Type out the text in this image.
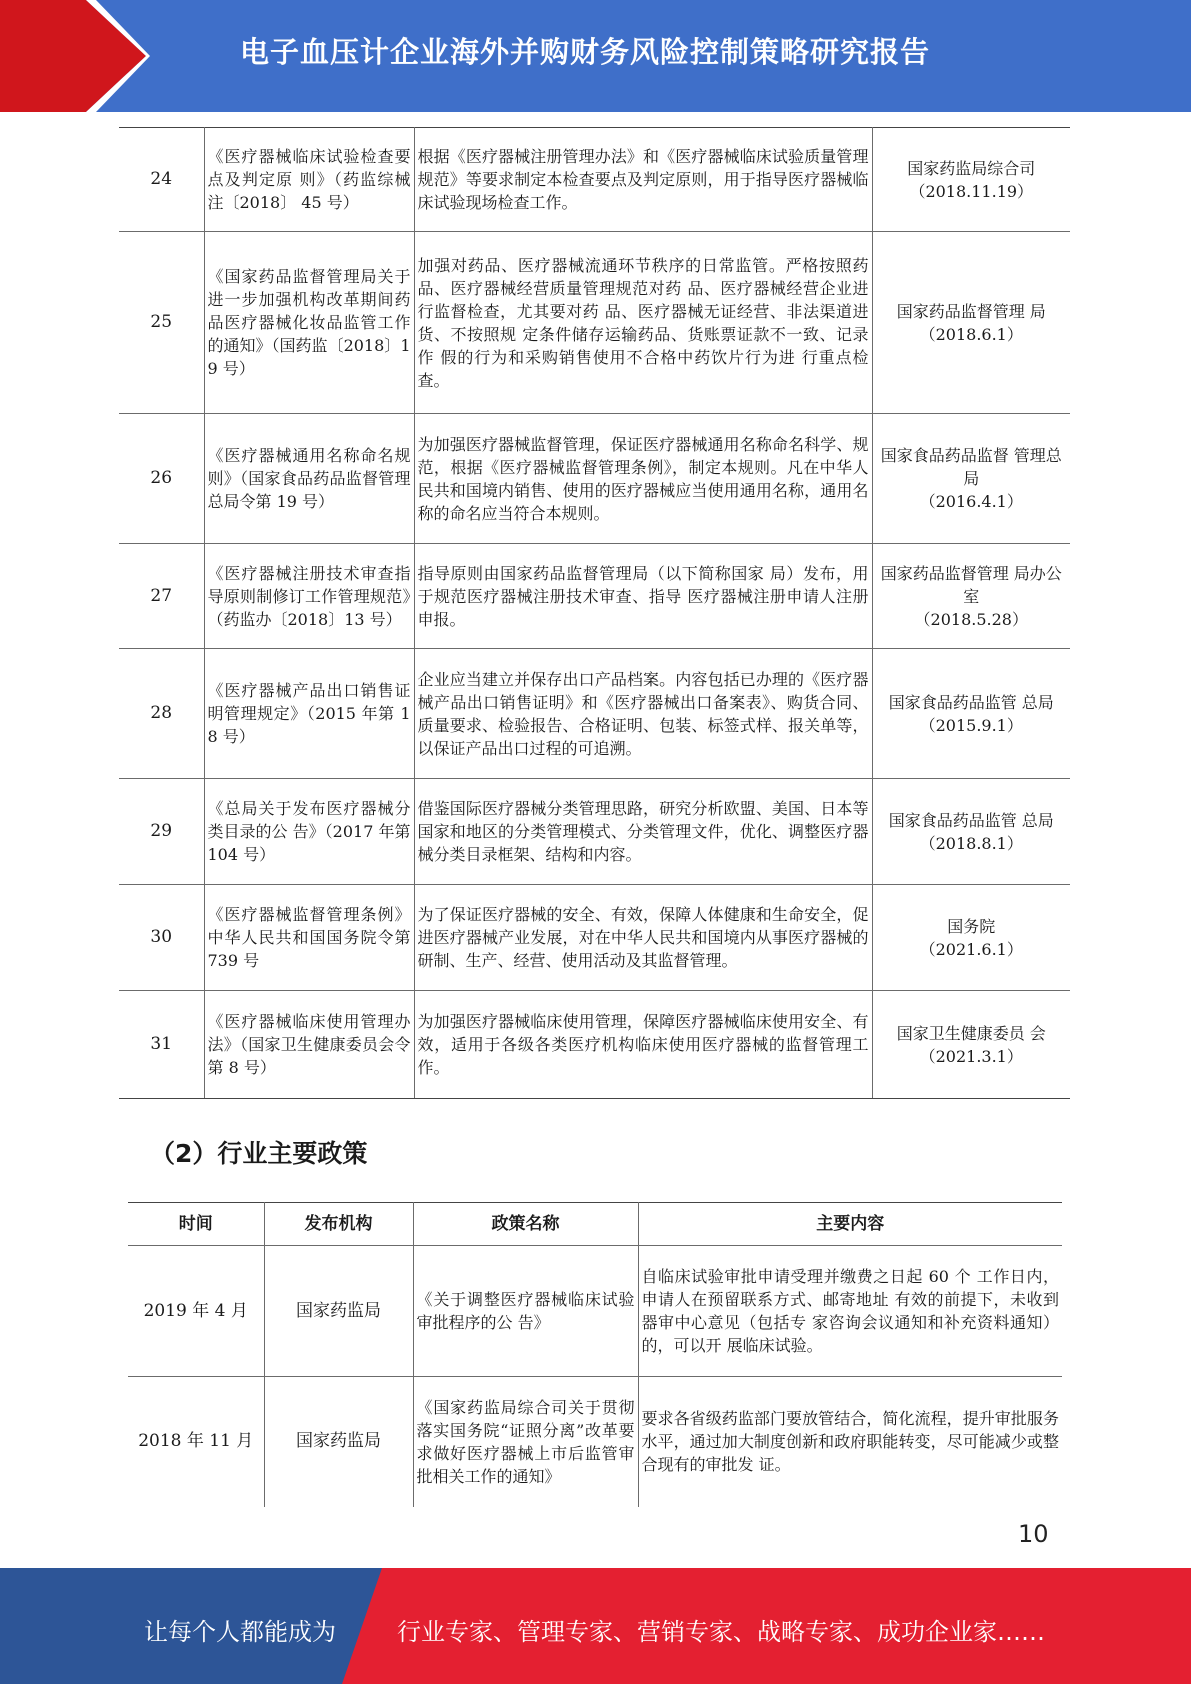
电子血压计企业海外并购财务风险控制策略研究报告
24	《医疗器械临床试验检查要点及判定原 则》（药监综械注〔2018〕 45 号）	根据《医疗器械注册管理办法》和《医疗器械临床试验质量管理规范》等要求制定本检查要点及判定原则，用于指导医疗器械临床试验现场检查工作。	国家药监局综合司
（2018.11.19）

25	《国家药品监督管理局关于进一步加强机构改革期间药品医疗器械化妆品监管工作的通知》（国药监〔2018〕19 号）	加强对药品、医疗器械流通环节秩序的日常监管。严格按照药品、医疗器械经营质量管理规范对药 品、医疗器械经营企业进行监督检查，尤其要对药 品、医疗器械无证经营、非法渠道进货、不按照规 定条件储存运输药品、货账票证款不一致、记录作 假的行为和采购销售使用不合格中药饮片行为进 行重点检查。	国家药品监督管理 局
（2018.6.1）

26	《医疗器械通用名称命名规则》（国家食品药品监督管理总局令第 19 号）	为加强医疗器械监督管理，保证医疗器械通用名称命名科学、规范，根据《医疗器械监督管理条例》，制定本规则。凡在中华人民共和国境内销售、使用的医疗器械应当使用通用名称，通用名称的命名应当符合本规则。	国家食品药品监督 管理总局
（2016.4.1）

27	《医疗器械注册技术审查指导原则制修订工作管理规范》（药监办〔2018〕13 号）	指导原则由国家药品监督管理局（以下简称国家 局）发布，用于规范医疗器械注册技术审查、指导 医疗器械注册申请人注册申报。	国家药品监督管理 局办公室
（2018.5.28）

28	《医疗器械产品出口销售证明管理规定》（2015 年第 18 号）	企业应当建立并保存出口产品档案。内容包括已办理的《医疗器械产品出口销售证明》和《医疗器械出口备案表》、购货合同、质量要求、检验报告、合格证明、包装、标签式样、报关单等，以保证产品出口过程的可追溯。	国家食品药品监管 总局
（2015.9.1）

29	《总局关于发布医疗器械分类目录的公 告》（2017 年第104 号）	借鉴国际医疗器械分类管理思路，研究分析欧盟、美国、日本等国家和地区的分类管理模式、分类管理文件，优化、调整医疗器械分类目录框架、结构和内容。	国家食品药品监管 总局
（2018.8.1）

30	《医疗器械监督管理条例》中华人民共和国国务院令第 739 号	为了保证医疗器械的安全、有效，保障人体健康和生命安全，促进医疗器械产业发展，对在中华人民共和国境内从事医疗器械的研制、生产、经营、使用活动及其监督管理。	国务院
（2021.6.1）

31	《医疗器械临床使用管理办法》（国家卫生健康委员会令第 8 号）	为加强医疗器械临床使用管理，保障医疗器械临床使用安全、有效，适用于各级各类医疗机构临床使用医疗器械的监督管理工作。	国家卫生健康委员 会
（2021.3.1）
（2）行业主要政策
时间	发布机构	政策名称	主要内容
2019 年 4 月	国家药监局	《关于调整医疗器械临床试验审批程序的公 告》	自临床试验审批申请受理并缴费之日起 60 个 工作日内，申请人在预留联系方式、邮寄地址 有效的前提下，未收到器审中心意见（包括专 家咨询会议通知和补充资料通知）的，可以开 展临床试验。
2018 年 11 月	国家药监局	《国家药监局综合司关于贯彻落实国务院“证照分离”改革要求做好医疗器械上市后监管审批相关工作的通知》	要求各省级药监部门要放管结合，简化流程，提升审批服务水平，通过加大制度创新和政府职能转变，尽可能减少或整合现有的审批发 证。
10
让每个人都能成为	行业专家、管理专家、营销专家、战略专家、成功企业家……
